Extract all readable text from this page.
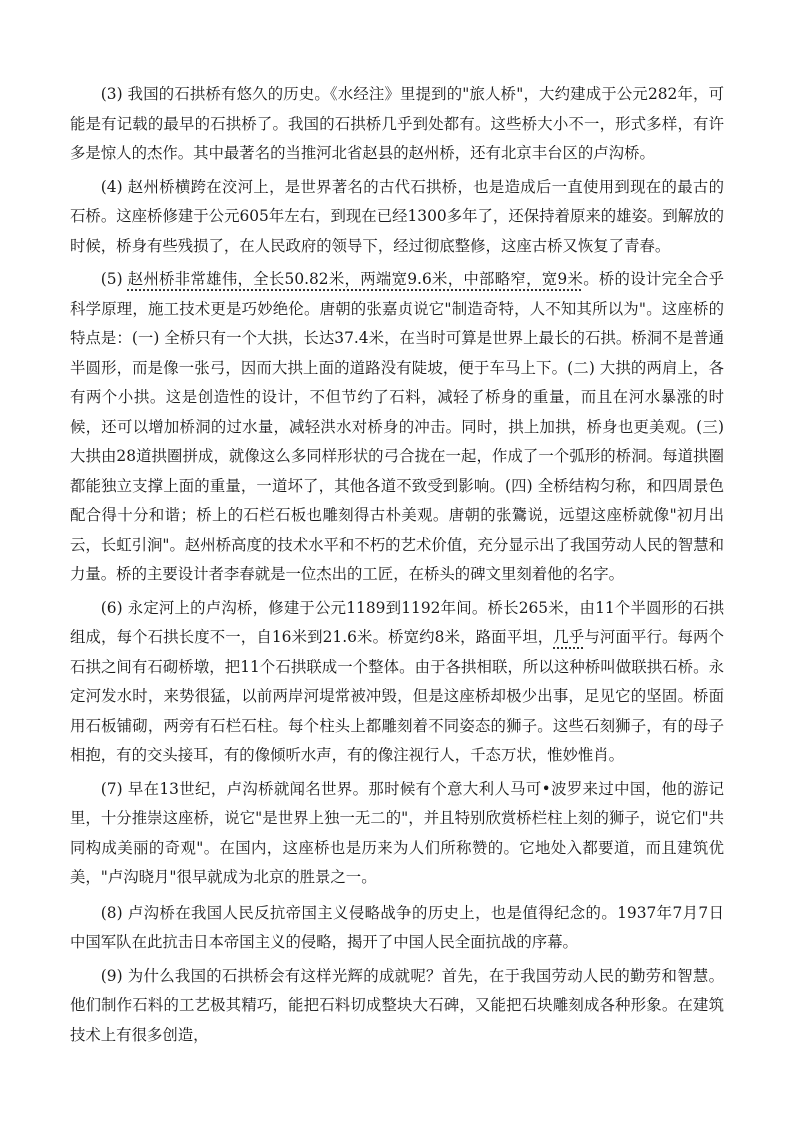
(3) 我国的石拱桥有悠久的历史。《水经注》里提到的"旅人桥"，大约建成于公元282年，可能是有记载的最早的石拱桥了。我国的石拱桥几乎到处都有。这些桥大小不一，形式多样，有许多是惊人的杰作。其中最著名的当推河北省赵县的赵州桥，还有北京丰台区的卢沟桥。

(4) 赵州桥横跨在洨河上，是世界著名的古代石拱桥，也是造成后一直使用到现在的最古的石桥。这座桥修建于公元605年左右，到现在已经1300多年了，还保持着原来的雄姿。到解放的时候，桥身有些残损了，在人民政府的领导下，经过彻底整修，这座古桥又恢复了青春。

(5) 赵州桥非常雄伟，全长50.82米，两端宽9.6米，中部略窄，宽9米。桥的设计完全合乎科学原理，施工技术更是巧妙绝伦。唐朝的张嘉贞说它"制造奇特，人不知其所以为"。这座桥的特点是：(一) 全桥只有一个大拱，长达37.4米，在当时可算是世界上最长的石拱。桥洞不是普通半圆形，而是像一张弓，因而大拱上面的道路没有陡坡，便于车马上下。(二) 大拱的两肩上，各有两个小拱。这是创造性的设计，不但节约了石料，减轻了桥身的重量，而且在河水暴涨的时候，还可以增加桥洞的过水量，减轻洪水对桥身的冲击。同时，拱上加拱，桥身也更美观。(三) 大拱由28道拱圈拼成，就像这么多同样形状的弓合拢在一起，作成了一个弧形的桥洞。每道拱圈都能独立支撑上面的重量，一道坏了，其他各道不致受到影响。(四) 全桥结构匀称，和四周景色配合得十分和谐；桥上的石栏石板也雕刻得古朴美观。唐朝的张鷟说，远望这座桥就像"初月出云，长虹引涧"。赵州桥高度的技术水平和不朽的艺术价值，充分显示出了我国劳动人民的智慧和力量。桥的主要设计者李春就是一位杰出的工匠，在桥头的碑文里刻着他的名字。

(6) 永定河上的卢沟桥，修建于公元1189到1192年间。桥长265米，由11个半圆形的石拱组成，每个石拱长度不一，自16米到21.6米。桥宽约8米，路面平坦，几乎与河面平行。每两个石拱之间有石砌桥墩，把11个石拱联成一个整体。由于各拱相联，所以这种桥叫做联拱石桥。永定河发水时，来势很猛，以前两岸河堤常被冲毁，但是这座桥却极少出事，足见它的坚固。桥面用石板铺砌，两旁有石栏石柱。每个柱头上都雕刻着不同姿态的狮子。这些石刻狮子，有的母子相抱，有的交头接耳，有的像倾听水声，有的像注视行人，千态万状，惟妙惟肖。

(7) 早在13世纪，卢沟桥就闻名世界。那时候有个意大利人马可•波罗来过中国，他的游记里，十分推崇这座桥，说它"是世界上独一无二的"，并且特别欣赏桥栏柱上刻的狮子，说它们"共同构成美丽的奇观"。在国内，这座桥也是历来为人们所称赞的。它地处入都要道，而且建筑优美，"卢沟晓月"很早就成为北京的胜景之一。

(8) 卢沟桥在我国人民反抗帝国主义侵略战争的历史上，也是值得纪念的。1937年7月7日中国军队在此抗击日本帝国主义的侵略，揭开了中国人民全面抗战的序幕。

(9) 为什么我国的石拱桥会有这样光辉的成就呢？首先，在于我国劳动人民的勤劳和智慧。他们制作石料的工艺极其精巧，能把石料切成整块大石碑，又能把石块雕刻成各种形象。在建筑技术上有很多创造，
